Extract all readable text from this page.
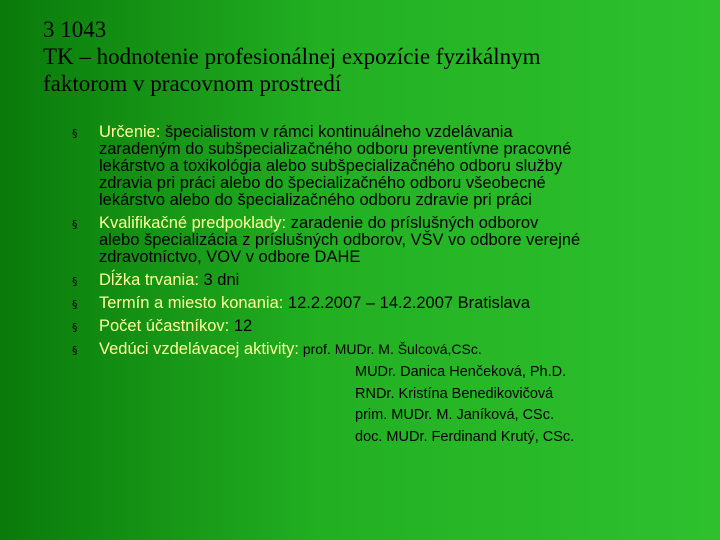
3 1043
TK – hodnotenie profesionálnej expozície fyzikálnym
faktorom v pracovnom prostredí
§ Určenie: špecialistom v rámci kontinuálneho vzdelávania
zaradeným do subšpecializačného odboru preventívne pracovné
lekárstvo a toxikológia alebo subšpecializačného odboru služby
zdravia pri práci alebo do špecializačného odboru všeobecné
lekárstvo alebo do špecializačného odboru zdravie pri práci
§ Kvalifikačné predpoklady: zaradenie do príslušných odborov
alebo špecializácia z príslušných odborov, VŠV vo odbore verejné
zdravotníctvo, VOV v odbore DAHE
§ Dĺžka trvania: 3 dni
§ Termín a miesto konania: 12.2.2007 – 14.2.2007 Bratislava
§ Počet účastníkov: 12
§ Vedúci vzdelávacej aktivity: prof. MUDr. M. Šulcová,CSc.
MUDr. Danica Henčeková, Ph.D.
RNDr. Kristína Benedikovičová
prim. MUDr. M. Janíková, CSc.
doc. MUDr. Ferdinand Krutý, CSc.
